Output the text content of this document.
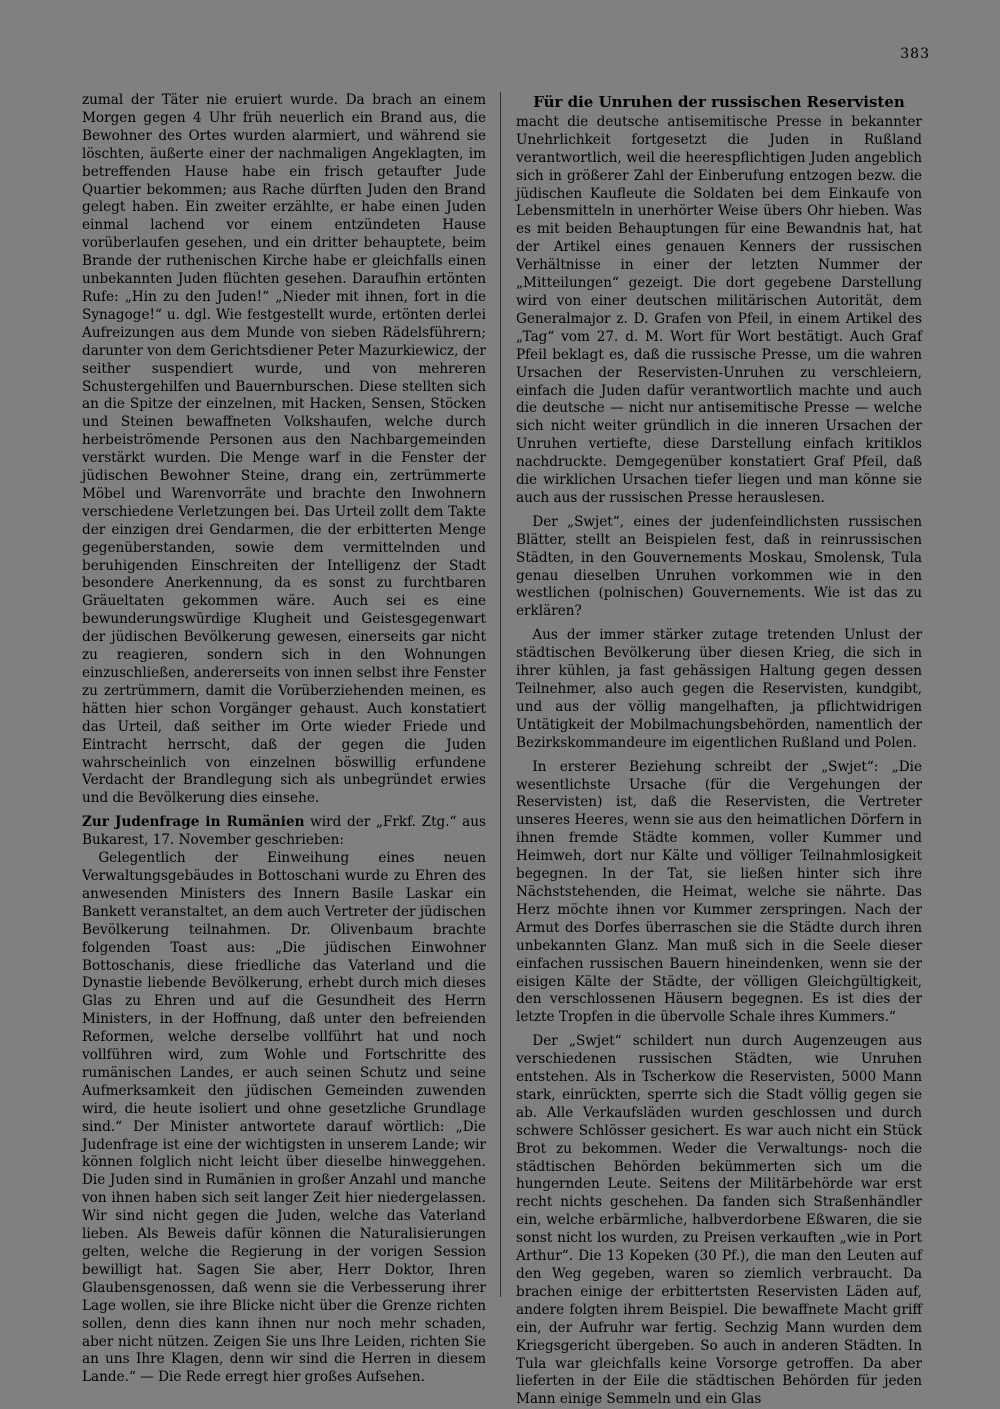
383

zumal der Täter nie eruiert wurde. Da brach an einem Morgen gegen 4 Uhr früh neuerlich ein Brand aus, die Bewohner des Ortes wurden alarmiert, und während sie löschten, äußerte einer der nachmaligen Angeklagten, im betreffenden Hause habe ein frisch getaufter Jude Quartier bekommen; aus Rache dürften Juden den Brand gelegt haben. Ein zweiter erzählte, er habe einen Juden einmal lachend vor einem entzündeten Hause vorüberlaufen gesehen, und ein dritter behauptete, beim Brande der ruthenischen Kirche habe er gleichfalls einen unbekannten Juden flüchten gesehen. Daraufhin ertönten Rufe: „Hin zu den Juden!“ „Nieder mit ihnen, fort in die Synagoge!“ u. dgl. Wie festgestellt wurde, ertönten derlei Aufreizungen aus dem Munde von sieben Rädelsführern; darunter von dem Gerichtsdiener Peter Mazurkiewicz, der seither suspendiert wurde, und von mehreren Schustergehilfen und Bauernburschen. Diese stellten sich an die Spitze der einzelnen, mit Hacken, Sensen, Stöcken und Steinen bewaffneten Volkshaufen, welche durch herbeiströmende Personen aus den Nachbargemeinden verstärkt wurden. Die Menge warf in die Fenster der jüdischen Bewohner Steine, drang ein, zertrümmerte Möbel und Warenvorräte und brachte den Inwohnern verschiedene Verletzungen bei. Das Urteil zollt dem Takte der einzigen drei Gendarmen, die der erbitterten Menge gegenüberstanden, sowie dem vermittelnden und beruhigenden Einschreiten der Intelligenz der Stadt besondere Anerkennung, da es sonst zu furchtbaren Gräueltaten gekommen wäre. Auch sei es eine bewunderungswürdige Klugheit und Geistesgegenwart der jüdischen Bevölkerung gewesen, einerseits gar nicht zu reagieren, sondern sich in den Wohnungen einzuschließen, andererseits von innen selbst ihre Fenster zu zertrümmern, damit die Vorüberziehenden meinen, es hätten hier schon Vorgänger gehaust. Auch konstatiert das Urteil, daß seither im Orte wieder Friede und Eintracht herrscht, daß der gegen die Juden wahrscheinlich von einzelnen böswillig erfundene Verdacht der Brandlegung sich als unbegründet erwies und die Bevölkerung dies einsehe.

Zur Judenfrage in Rumänien wird der „Frkf. Ztg.“ aus Bukarest, 17. November geschrieben:

Gelegentlich der Einweihung eines neuen Verwaltungsgebäudes in Bottoschani wurde zu Ehren des anwesenden Ministers des Innern Basile Laskar ein Bankett veranstaltet, an dem auch Vertreter der jüdischen Bevölkerung teilnahmen. Dr. Olivenbaum brachte folgenden Toast aus: „Die jüdischen Einwohner Bottoschanis, diese friedliche das Vaterland und die Dynastie liebende Bevölkerung, erhebt durch mich dieses Glas zu Ehren und auf die Gesundheit des Herrn Ministers, in der Hoffnung, daß unter den befreienden Reformen, welche derselbe vollführt hat und noch vollführen wird, zum Wohle und Fortschritte des rumänischen Landes, er auch seinen Schutz und seine Aufmerksamkeit den jüdischen Gemeinden zuwenden wird, die heute isoliert und ohne gesetzliche Grundlage sind.“ Der Minister antwortete darauf wörtlich: „Die Judenfrage ist eine der wichtigsten in unserem Lande; wir können folglich nicht leicht über dieselbe hinweggehen. Die Juden sind in Rumänien in großer Anzahl und manche von ihnen haben sich seit langer Zeit hier niedergelassen. Wir sind nicht gegen die Juden, welche das Vaterland lieben. Als Beweis dafür können die Naturalisierungen gelten, welche die Regierung in der vorigen Session bewilligt hat. Sagen Sie aber, Herr Doktor, Ihren Glaubensgenossen, daß wenn sie die Verbesserung ihrer Lage wollen, sie ihre Blicke nicht über die Grenze richten sollen, denn dies kann ihnen nur noch mehr schaden, aber nicht nützen. Zeigen Sie uns Ihre Leiden, richten Sie an uns Ihre Klagen, denn wir sind die Herren in diesem Lande.“ — Die Rede erregt hier großes Aufsehen.

Für die Unruhen der russischen Reservisten

macht die deutsche antisemitische Presse in bekannter Unehrlichkeit fortgesetzt die Juden in Rußland verantwortlich, weil die heerespflichtigen Juden angeblich sich in größerer Zahl der Einberufung entzogen bezw. die jüdischen Kaufleute die Soldaten bei dem Einkaufe von Lebensmitteln in unerhörter Weise übers Ohr hieben. Was es mit beiden Behauptungen für eine Bewandnis hat, hat der Artikel eines genauen Kenners der russischen Verhältnisse in einer der letzten Nummer der „Mitteilungen“ gezeigt. Die dort gegebene Darstellung wird von einer deutschen militärischen Autorität, dem Generalmajor z. D. Grafen von Pfeil, in einem Artikel des „Tag“ vom 27. d. M. Wort für Wort bestätigt. Auch Graf Pfeil beklagt es, daß die russische Presse, um die wahren Ursachen der Reservisten-Unruhen zu verschleiern, einfach die Juden dafür verantwortlich machte und auch die deutsche — nicht nur antisemitische Presse — welche sich nicht weiter gründlich in die inneren Ursachen der Unruhen vertiefte, diese Darstellung einfach kritiklos nachdruckte. Demgegenüber konstatiert Graf Pfeil, daß die wirklichen Ursachen tiefer liegen und man könne sie auch aus der russischen Presse herauslesen.

Der „Swjet“, eines der judenfeindlichsten russischen Blätter, stellt an Beispielen fest, daß in reinrussischen Städten, in den Gouvernements Moskau, Smolensk, Tula genau dieselben Unruhen vorkommen wie in den westlichen (polnischen) Gouvernements. Wie ist das zu erklären?

Aus der immer stärker zutage tretenden Unlust der städtischen Bevölkerung über diesen Krieg, die sich in ihrer kühlen, ja fast gehässigen Haltung gegen dessen Teilnehmer, also auch gegen die Reservisten, kundgibt, und aus der völlig mangelhaften, ja pflichtwidrigen Untätigkeit der Mobilmachungsbehörden, namentlich der Bezirkskommandeure im eigentlichen Rußland und Polen.

In ersterer Beziehung schreibt der „Swjet“: „Die wesentlichste Ursache (für die Vergehungen der Reservisten) ist, daß die Reservisten, die Vertreter unseres Heeres, wenn sie aus den heimatlichen Dörfern in ihnen fremde Städte kommen, voller Kummer und Heimweh, dort nur Kälte und völliger Teilnahmlosigkeit begegnen. In der Tat, sie ließen hinter sich ihre Nächststehenden, die Heimat, welche sie nährte. Das Herz möchte ihnen vor Kummer zerspringen. Nach der Armut des Dorfes überraschen sie die Städte durch ihren unbekannten Glanz. Man muß sich in die Seele dieser einfachen russischen Bauern hineindenken, wenn sie der eisigen Kälte der Städte, der völligen Gleichgültigkeit, den verschlossenen Häusern begegnen. Es ist dies der letzte Tropfen in die übervolle Schale ihres Kummers.“

Der „Swjet“ schildert nun durch Augenzeugen aus verschiedenen russischen Städten, wie Unruhen entstehen. Als in Tscherkow die Reservisten, 5000 Mann stark, einrückten, sperrte sich die Stadt völlig gegen sie ab. Alle Verkaufsläden wurden geschlossen und durch schwere Schlösser gesichert. Es war auch nicht ein Stück Brot zu bekommen. Weder die Verwaltungs- noch die städtischen Behörden bekümmerten sich um die hungernden Leute. Seitens der Militärbehörde war erst recht nichts geschehen. Da fanden sich Straßenhändler ein, welche erbärmliche, halbverdorbene Eßwaren, die sie sonst nicht los wurden, zu Preisen verkauften „wie in Port Arthur“. Die 13 Kopeken (30 Pf.), die man den Leuten auf den Weg gegeben, waren so ziemlich verbraucht. Da brachen einige der erbittertsten Reservisten Läden auf, andere folgten ihrem Beispiel. Die bewaffnete Macht griff ein, der Aufruhr war fertig. Sechzig Mann wurden dem Kriegsgericht übergeben. So auch in anderen Städten. In Tula war gleichfalls keine Vorsorge getroffen. Da aber lieferten in der Eile die städtischen Behörden für jeden Mann einige Semmeln und ein Glas
